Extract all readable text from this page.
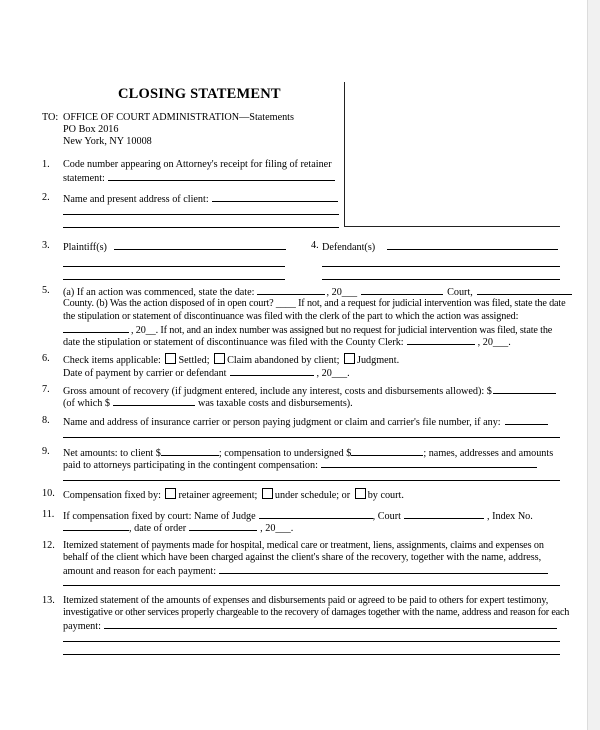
CLOSING STATEMENT
TO: OFFICE OF COURT ADMINISTRATION—Statements
PO Box 2016
New York, NY 10008
1. Code number appearing on Attorney's receipt for filing of retainer
statement:
2. Name and present address of client:
3. Plaintiff(s)	4. Defendant(s)
5. (a) If an action was commenced, state the date:	, 20___	Court,
County. (b) Was the action disposed of in open court? ____ If not, and a request for judicial intervention was filed, state the date
the stipulation or statement of discontinuance was filed with the clerk of the part to which the action was assigned:
, 20__. If not, and an index number was assigned but no request for judicial intervention was filed, state the
date the stipulation or statement of discontinuance was filed with the County Clerk:	, 20___.
6. Check items applicable: Settled; Claim abandoned by client; Judgment.
Date of payment by carrier or defendant	, 20___.
7. Gross amount of recovery (if judgment entered, include any interest, costs and disbursements allowed): $
(of which $	was taxable costs and disbursements).
8. Name and address of insurance carrier or person paying judgment or claim and carrier's file number, if any:
9. Net amounts: to client $	; compensation to undersigned $	; names, addresses and amounts
paid to attorneys participating in the contingent compensation:
10. Compensation fixed by: retainer agreement; under schedule; or by court.
11. If compensation fixed by court: Name of Judge	, Court	, Index No.
, date of order	, 20___.
12. Itemized statement of payments made for hospital, medical care or treatment, liens, assignments, claims and expenses on
behalf of the client which have been charged against the client's share of the recovery, together with the name, address,
amount and reason for each payment:
13. Itemized statement of the amounts of expenses and disbursements paid or agreed to be paid to others for expert testimony,
investigative or other services properly chargeable to the recovery of damages together with the name, address and reason for each
payment:
